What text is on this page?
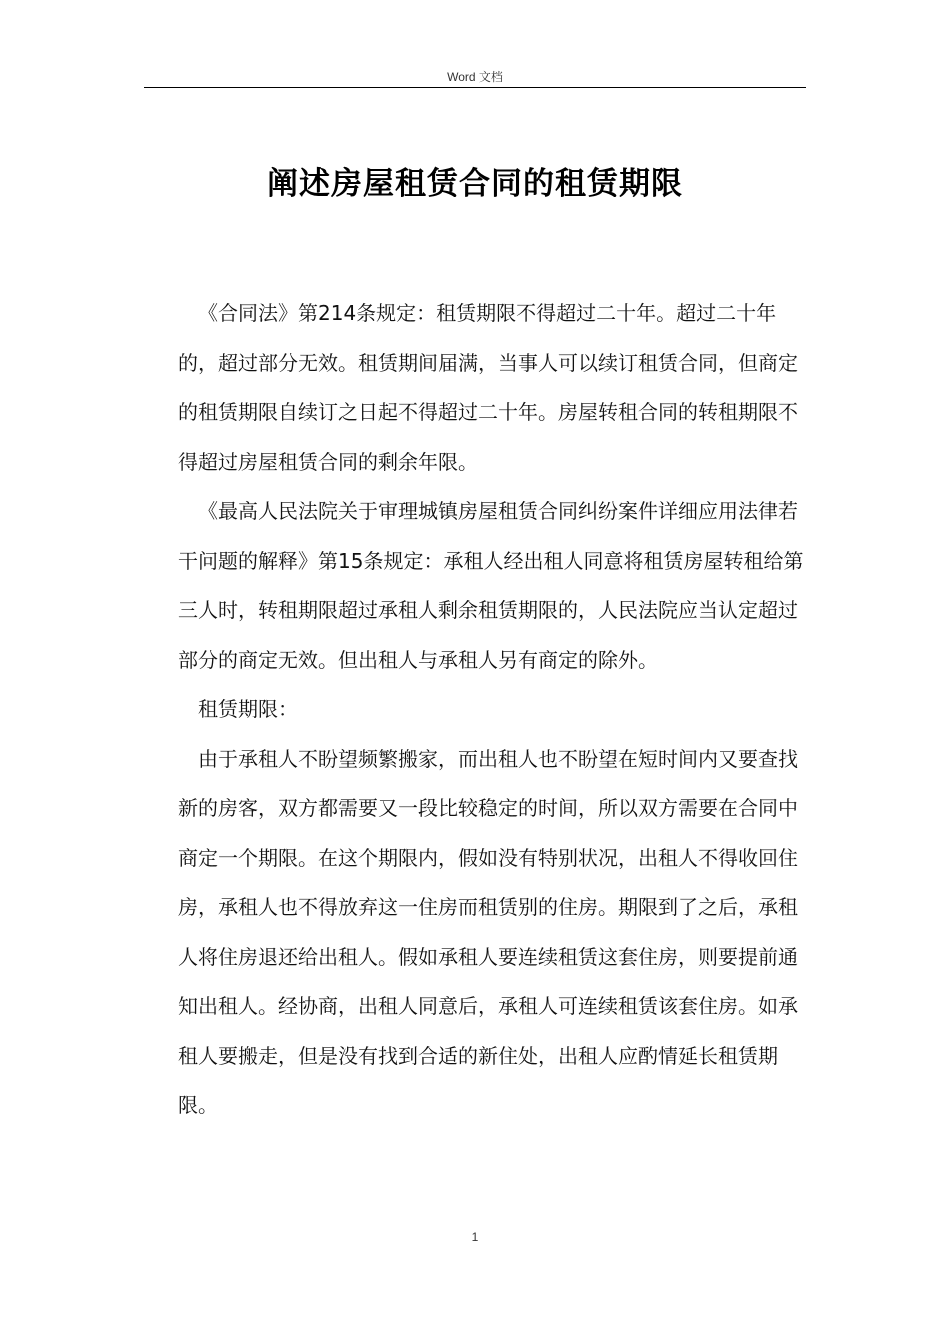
Word 文档
阐述房屋租赁合同的租赁期限

《合同法》第214条规定：租赁期限不得超过二十年。超过二十年的，超过部分无效。租赁期间届满，当事人可以续订租赁合同，但商定的租赁期限自续订之日起不得超过二十年。房屋转租合同的转租期限不得超过房屋租赁合同的剩余年限。

《最高人民法院关于审理城镇房屋租赁合同纠纷案件详细应用法律若干问题的解释》第15条规定：承租人经出租人同意将租赁房屋转租给第三人时，转租期限超过承租人剩余租赁期限的，人民法院应当认定超过部分的商定无效。但出租人与承租人另有商定的除外。

租赁期限：

由于承租人不盼望频繁搬家，而出租人也不盼望在短时间内又要查找新的房客，双方都需要又一段比较稳定的时间，所以双方需要在合同中商定一个期限。在这个期限内，假如没有特别状况，出租人不得收回住房，承租人也不得放弃这一住房而租赁别的住房。期限到了之后，承租人将住房退还给出租人。假如承租人要连续租赁这套住房，则要提前通知出租人。经协商，出租人同意后，承租人可连续租赁该套住房。如承租人要搬走，但是没有找到合适的新住处，出租人应酌情延长租赁期限。

1
